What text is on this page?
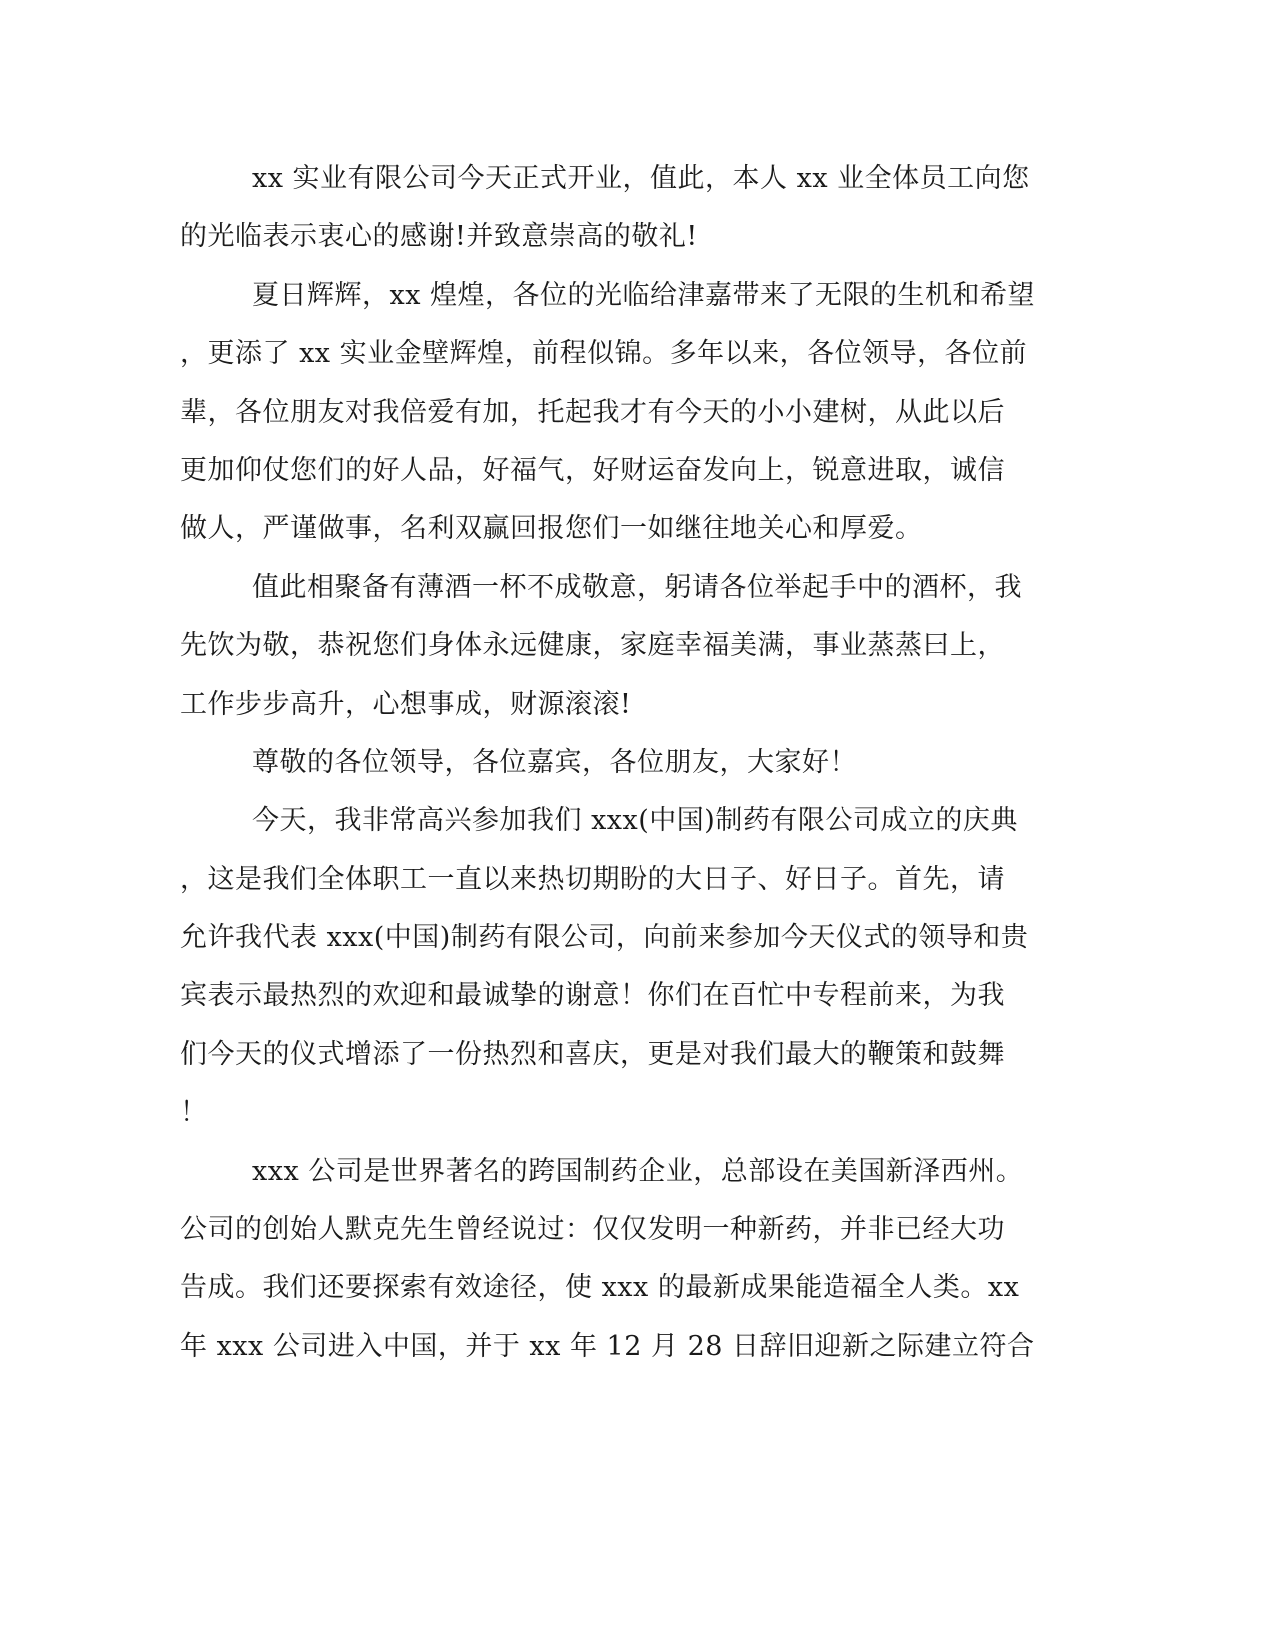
xx 实业有限公司今天正式开业，值此，本人 xx 业全体员工向您
的光临表示衷心的感谢!并致意崇高的敬礼!
夏日辉辉，xx 煌煌，各位的光临给津嘉带来了无限的生机和希望
，更添了 xx 实业金壁辉煌，前程似锦。多年以来，各位领导，各位前
辈，各位朋友对我倍爱有加，托起我才有今天的小小建树，从此以后
更加仰仗您们的好人品，好福气，好财运奋发向上，锐意进取，诚信
做人，严谨做事，名利双赢回报您们一如继往地关心和厚爱。
值此相聚备有薄酒一杯不成敬意，躬请各位举起手中的酒杯，我
先饮为敬，恭祝您们身体永远健康，家庭幸福美满，事业蒸蒸曰上，
工作步步高升，心想事成，财源滚滚!
尊敬的各位领导，各位嘉宾，各位朋友，大家好！
今天，我非常高兴参加我们 xxx(中国)制药有限公司成立的庆典
，这是我们全体职工一直以来热切期盼的大日子、好日子。首先，请
允许我代表 xxx(中国)制药有限公司，向前来参加今天仪式的领导和贵
宾表示最热烈的欢迎和最诚挚的谢意！你们在百忙中专程前来，为我
们今天的仪式增添了一份热烈和喜庆，更是对我们最大的鞭策和鼓舞
！
xxx 公司是世界著名的跨国制药企业，总部设在美国新泽西州。
公司的创始人默克先生曾经说过：仅仅发明一种新药，并非已经大功
告成。我们还要探索有效途径，使 xxx 的最新成果能造福全人类。xx
年 xxx 公司进入中国，并于 xx 年 12 月 28 日辞旧迎新之际建立符合
